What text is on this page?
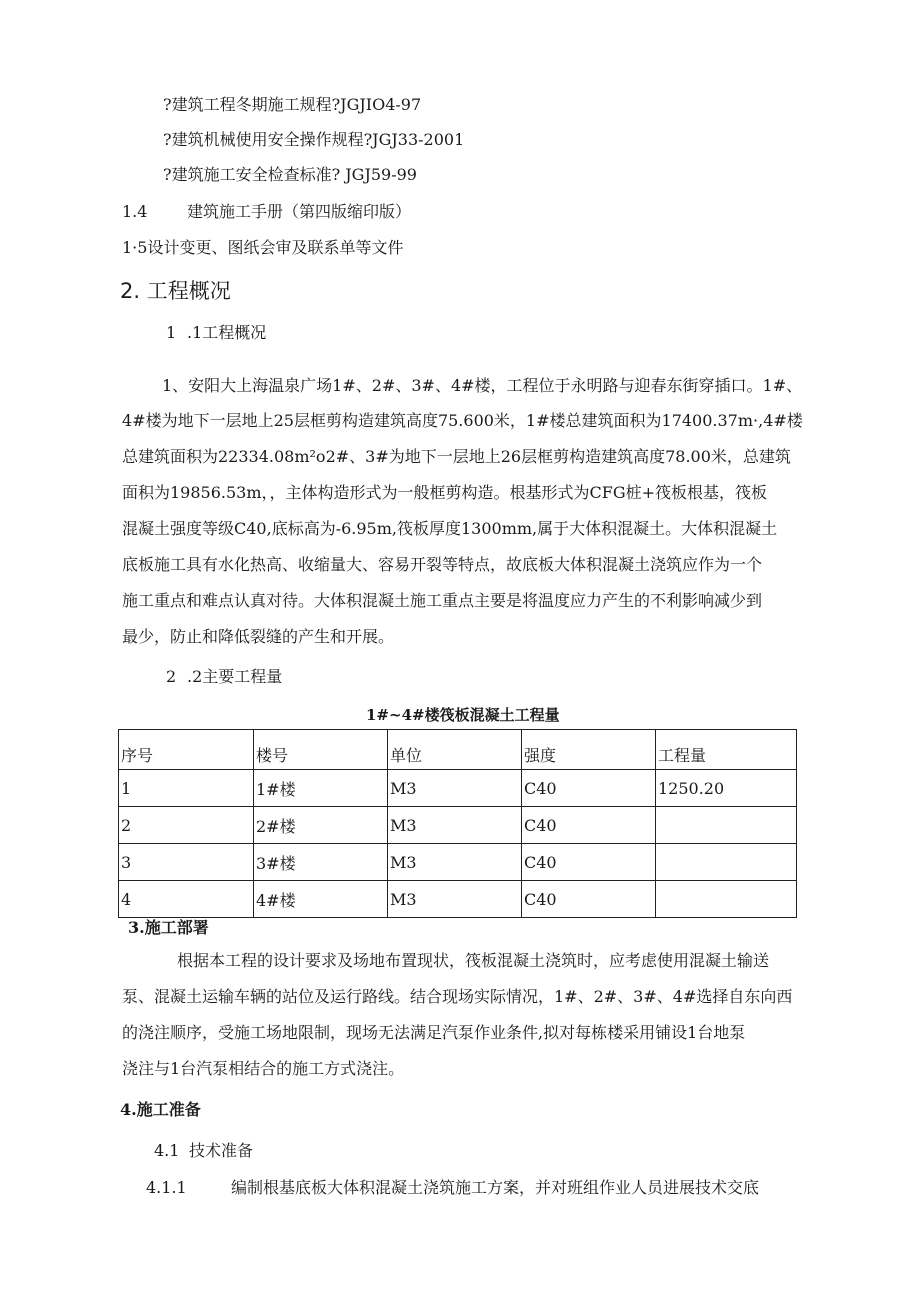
?建筑工程冬期施工规程?JGJIO4-97
?建筑机械使用安全操作规程?JGJ33-2001
?建筑施工安全检查标准? JGJ59-99
1.4 建筑施工手册（第四版缩印版）
1·5设计变更、图纸会审及联系单等文件
2. 工程概况
1 .1工程概况
1、安阳大上海温泉广场1#、2#、3#、4#楼，工程位于永明路与迎春东街穿插口。1#、
4#楼为地下一层地上25层框剪构造建筑高度75.600米，1#楼总建筑面积为17400.37m·,4#楼
总建筑面积为22334.08m²o2#、3#为地下一层地上26层框剪构造建筑高度78.00米，总建筑
面积为19856.53m，，主体构造形式为一般框剪构造。根基形式为CFG桩+筏板根基，筏板
混凝土强度等级C40,底标高为-6.95m,筏板厚度1300mm,属于大体积混凝土。大体积混凝土
底板施工具有水化热高、收缩量大、容易开裂等特点，故底板大体积混凝土浇筑应作为一个
施工重点和难点认真对待。大体积混凝土施工重点主要是将温度应力产生的不利影响减少到
最少，防止和降低裂缝的产生和开展。
2 .2主要工程量
1#~4#楼筏板混凝土工程量
序号	楼号	单位	强度	工程量
1	1#楼	M3	C40	1250.20
2	2#楼	M3	C40	
3	3#楼	M3	C40	
4	4#楼	M3	C40	
3.施工部署
根据本工程的设计要求及场地布置现状，筏板混凝土浇筑时，应考虑使用混凝土输送
泵、混凝土运输车辆的站位及运行路线。结合现场实际情况，1#、2#、3#、4#选择自东向西
的浇注顺序，受施工场地限制，现场无法满足汽泵作业条件,拟对每栋楼采用铺设1台地泵
浇注与1台汽泵相结合的施工方式浇注。
4.施工准备
4.1 技术准备
4.1.1	编制根基底板大体积混凝土浇筑施工方案，并对班组作业人员进展技术交底
